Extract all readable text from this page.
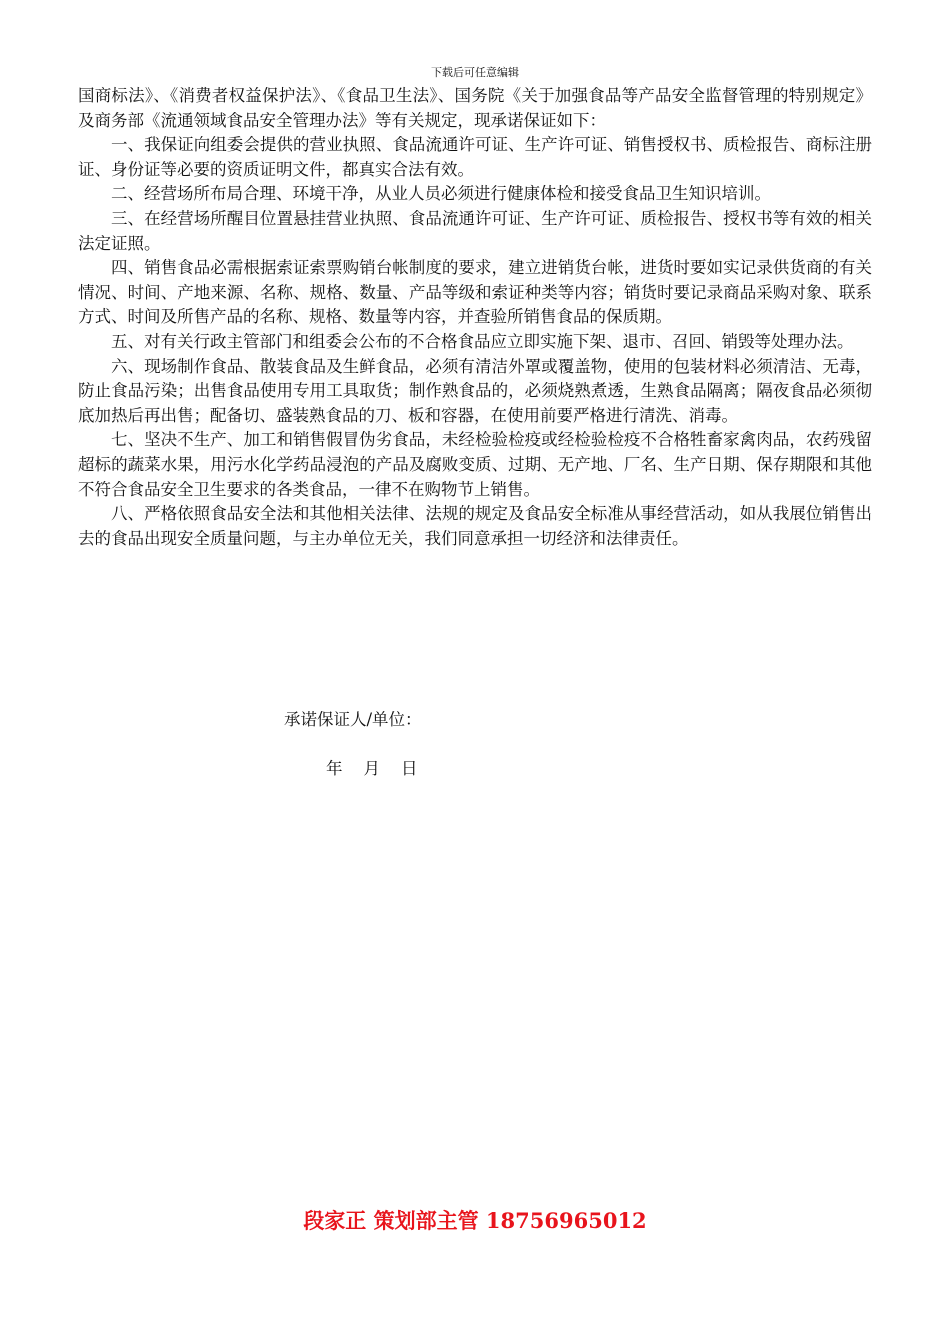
下载后可任意编辑

国商标法》、《消费者权益保护法》、《食品卫生法》、国务院《关于加强食品等产品安全监督管理的特别规定》及商务部《流通领域食品安全管理办法》等有关规定，现承诺保证如下：

一、我保证向组委会提供的营业执照、食品流通许可证、生产许可证、销售授权书、质检报告、商标注册证、身份证等必要的资质证明文件，都真实合法有效。

二、经营场所布局合理、环境干净，从业人员必须进行健康体检和接受食品卫生知识培训。

三、在经营场所醒目位置悬挂营业执照、食品流通许可证、生产许可证、质检报告、授权书等有效的相关法定证照。

四、销售食品必需根据索证索票购销台帐制度的要求，建立进销货台帐，进货时要如实记录供货商的有关情况、时间、产地来源、名称、规格、数量、产品等级和索证种类等内容；销货时要记录商品采购对象、联系方式、时间及所售产品的名称、规格、数量等内容，并查验所销售食品的保质期。

五、对有关行政主管部门和组委会公布的不合格食品应立即实施下架、退市、召回、销毁等处理办法。

六、现场制作食品、散装食品及生鲜食品，必须有清洁外罩或覆盖物，使用的包装材料必须清洁、无毒，防止食品污染；出售食品使用专用工具取货；制作熟食品的，必须烧熟煮透，生熟食品隔离；隔夜食品必须彻底加热后再出售；配备切、盛装熟食品的刀、板和容器，在使用前要严格进行清洗、消毒。

七、坚决不生产、加工和销售假冒伪劣食品，未经检验检疫或经检验检疫不合格牲畜家禽肉品，农药残留超标的蔬菜水果，用污水化学药品浸泡的产品及腐败变质、过期、无产地、厂名、生产日期、保存期限和其他不符合食品安全卫生要求的各类食品，一律不在购物节上销售。

八、严格依照食品安全法和其他相关法律、法规的规定及食品安全标准从事经营活动，如从我展位销售出去的食品出现安全质量问题，与主办单位无关，我们同意承担一切经济和法律责任。

承诺保证人/单位：
年    月    日
段家正 策划部主管 18756965012
